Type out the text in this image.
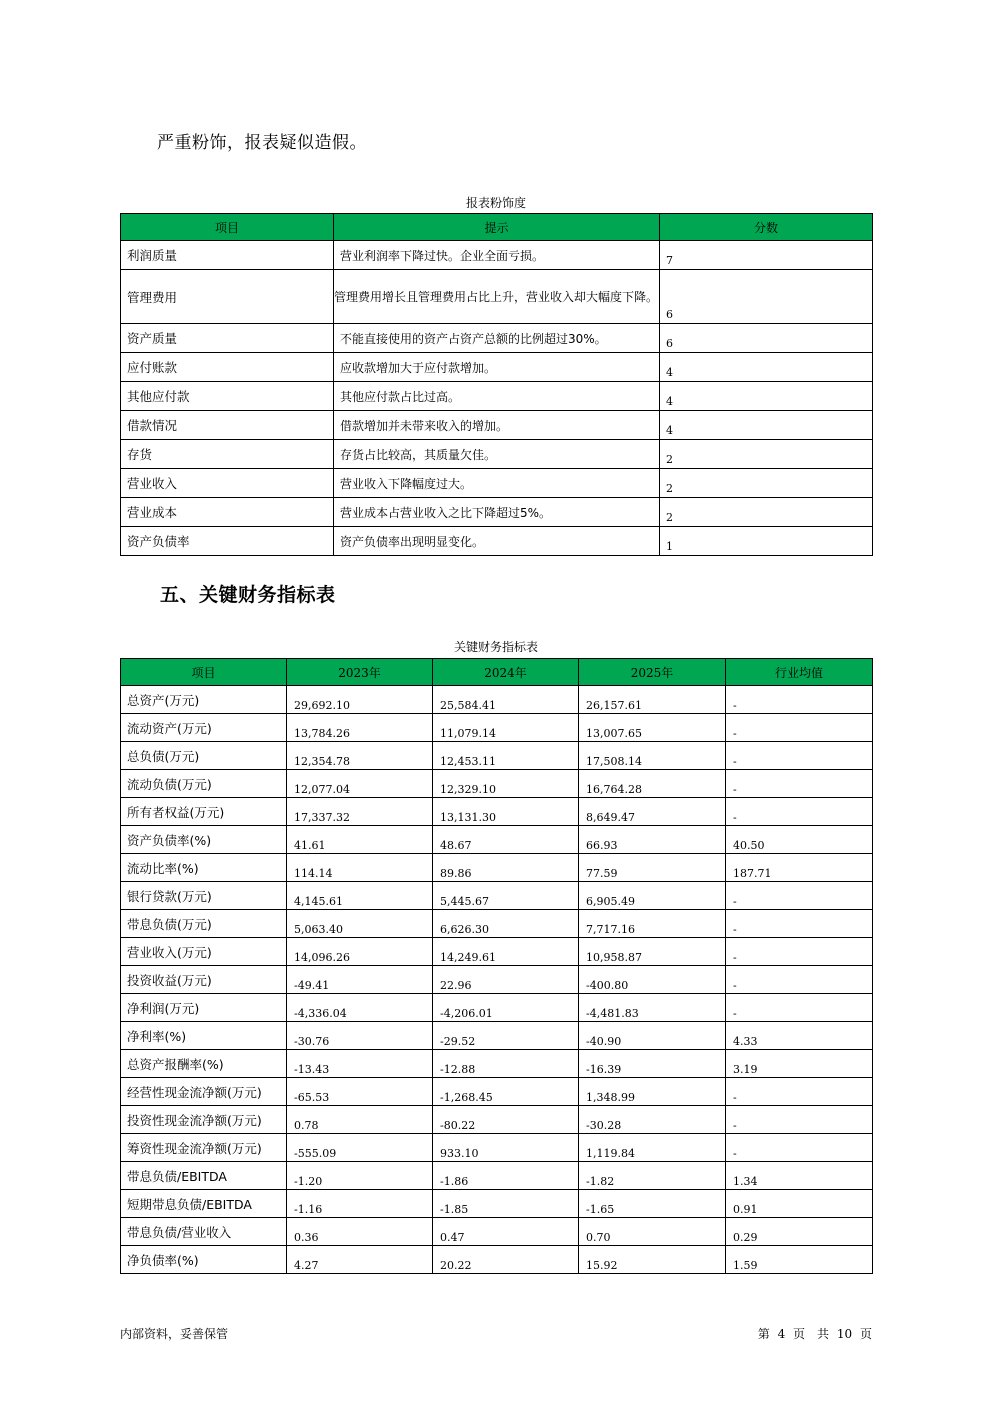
严重粉饰，报表疑似造假。
报表粉饰度
项目	提示	分数
利润质量	营业利润率下降过快。企业全面亏损。	7
管理费用	管理费用增长且管理费用占比上升，营业收入却大幅度下降。	6
资产质量	不能直接使用的资产占资产总额的比例超过30%。	6
应付账款	应收款增加大于应付款增加。	4
其他应付款	其他应付款占比过高。	4
借款情况	借款增加并未带来收入的增加。	4
存货	存货占比较高，其质量欠佳。	2
营业收入	营业收入下降幅度过大。	2
营业成本	营业成本占营业收入之比下降超过5%。	2
资产负债率	资产负债率出现明显变化。	1
五、关键财务指标表
关键财务指标表
项目	2023年	2024年	2025年	行业均值
总资产(万元)	29,692.10	25,584.41	26,157.61	-
流动资产(万元)	13,784.26	11,079.14	13,007.65	-
总负债(万元)	12,354.78	12,453.11	17,508.14	-
流动负债(万元)	12,077.04	12,329.10	16,764.28	-
所有者权益(万元)	17,337.32	13,131.30	8,649.47	-
资产负债率(%)	41.61	48.67	66.93	40.50
流动比率(%)	114.14	89.86	77.59	187.71
银行贷款(万元)	4,145.61	5,445.67	6,905.49	-
带息负债(万元)	5,063.40	6,626.30	7,717.16	-
营业收入(万元)	14,096.26	14,249.61	10,958.87	-
投资收益(万元)	-49.41	22.96	-400.80	-
净利润(万元)	-4,336.04	-4,206.01	-4,481.83	-
净利率(%)	-30.76	-29.52	-40.90	4.33
总资产报酬率(%)	-13.43	-12.88	-16.39	3.19
经营性现金流净额(万元)	-65.53	-1,268.45	1,348.99	-
投资性现金流净额(万元)	0.78	-80.22	-30.28	-
筹资性现金流净额(万元)	-555.09	933.10	1,119.84	-
带息负债/EBITDA	-1.20	-1.86	-1.82	1.34
短期带息负债/EBITDA	-1.16	-1.85	-1.65	0.91
带息负债/营业收入	0.36	0.47	0.70	0.29
净负债率(%)	4.27	20.22	15.92	1.59
内部资料，妥善保管	第 4 页　共 10 页
